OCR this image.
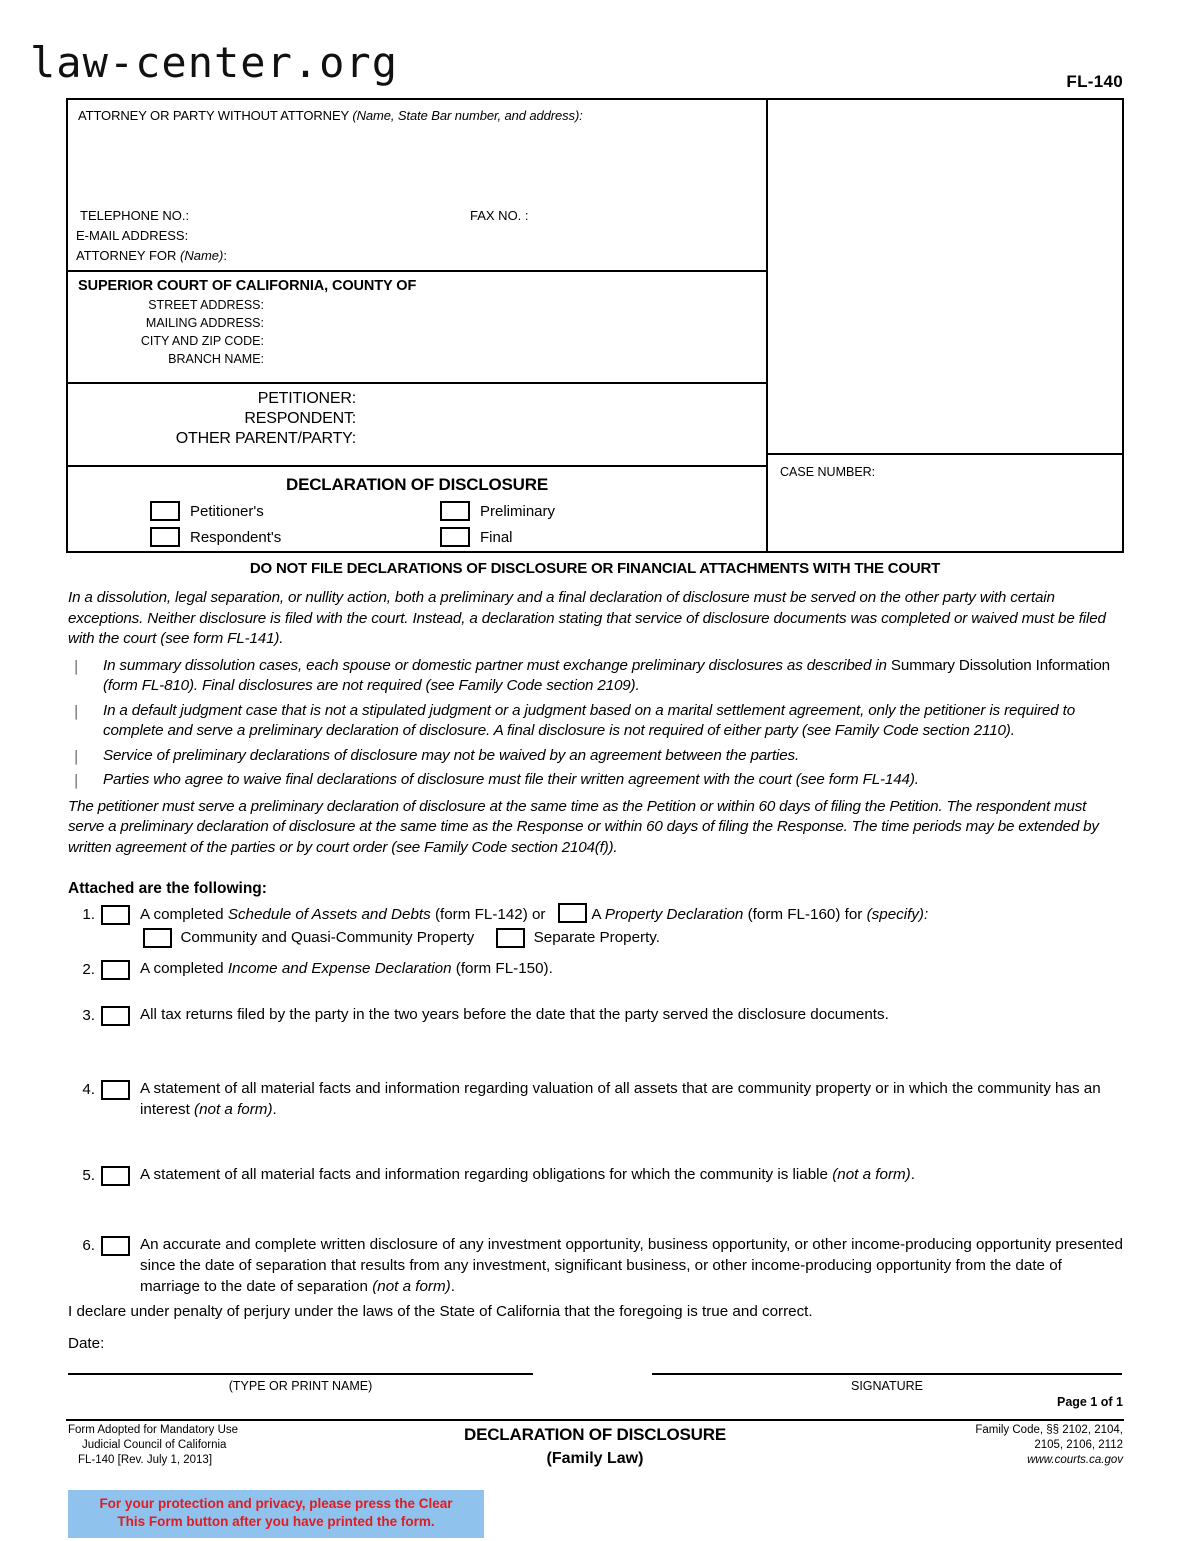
law-center.org	FL-140
ATTORNEY OR PARTY WITHOUT ATTORNEY (Name, State Bar number, and address):
TELEPHONE NO.:	FAX NO. :
E-MAIL ADDRESS:
ATTORNEY FOR (Name):
SUPERIOR COURT OF CALIFORNIA, COUNTY OF
STREET ADDRESS:
MAILING ADDRESS:
CITY AND ZIP CODE:
BRANCH NAME:
PETITIONER:
RESPONDENT:
OTHER PARENT/PARTY:
DECLARATION OF DISCLOSURE
Petitioner's	Preliminary
Respondent's	Final
CASE NUMBER:
DO NOT FILE DECLARATIONS OF DISCLOSURE OR FINANCIAL ATTACHMENTS WITH THE COURT

In a dissolution, legal separation, or nullity action, both a preliminary and a final declaration of disclosure must be served on the other party with certain exceptions. Neither disclosure is filed with the court. Instead, a declaration stating that service of disclosure documents was completed or waived must be filed with the court (see form FL-141).

│ In summary dissolution cases, each spouse or domestic partner must exchange preliminary disclosures as described in Summary Dissolution Information (form FL-810). Final disclosures are not required (see Family Code section 2109).
│ In a default judgment case that is not a stipulated judgment or a judgment based on a marital settlement agreement, only the petitioner is required to complete and serve a preliminary declaration of disclosure. A final disclosure is not required of either party (see Family Code section 2110).
│ Service of preliminary declarations of disclosure may not be waived by an agreement between the parties.
│ Parties who agree to waive final declarations of disclosure must file their written agreement with the court (see form FL-144).

The petitioner must serve a preliminary declaration of disclosure at the same time as the Petition or within 60 days of filing the Petition. The respondent must serve a preliminary declaration of disclosure at the same time as the Response or within 60 days of filing the Response. The time periods may be extended by written agreement of the parties or by court order (see Family Code section 2104(f)).

Attached are the following:
1.	A completed Schedule of Assets and Debts (form FL-142) or	A Property Declaration (form FL-160) for (specify):

Community and Quasi-Community Property
	Separate Property.
2.	A completed Income and Expense Declaration (form FL-150).
3.	All tax returns filed by the party in the two years before the date that the party served the disclosure documents.
4.	A statement of all material facts and information regarding valuation of all assets that are community property or in which the community has an interest (not a form).
5.	A statement of all material facts and information regarding obligations for which the community is liable (not a form).
6.	An accurate and complete written disclosure of any investment opportunity, business opportunity, or other income-producing opportunity presented since the date of separation that results from any investment, significant business, or other income-producing opportunity from the date of marriage to the date of separation (not a form).
I declare under penalty of perjury under the laws of the State of California that the foregoing is true and correct.
Date:
(TYPE OR PRINT NAME)	SIGNATURE
Page 1 of 1
Form Adopted for Mandatory Use
Judicial Council of California
FL-140 [Rev. July 1, 2013]
DECLARATION OF DISCLOSURE
(Family Law)
Family Code, §§ 2102, 2104,
2105, 2106, 2112
www.courts.ca.gov
For your protection and privacy, please press the Clear
This Form button after you have printed the form.
